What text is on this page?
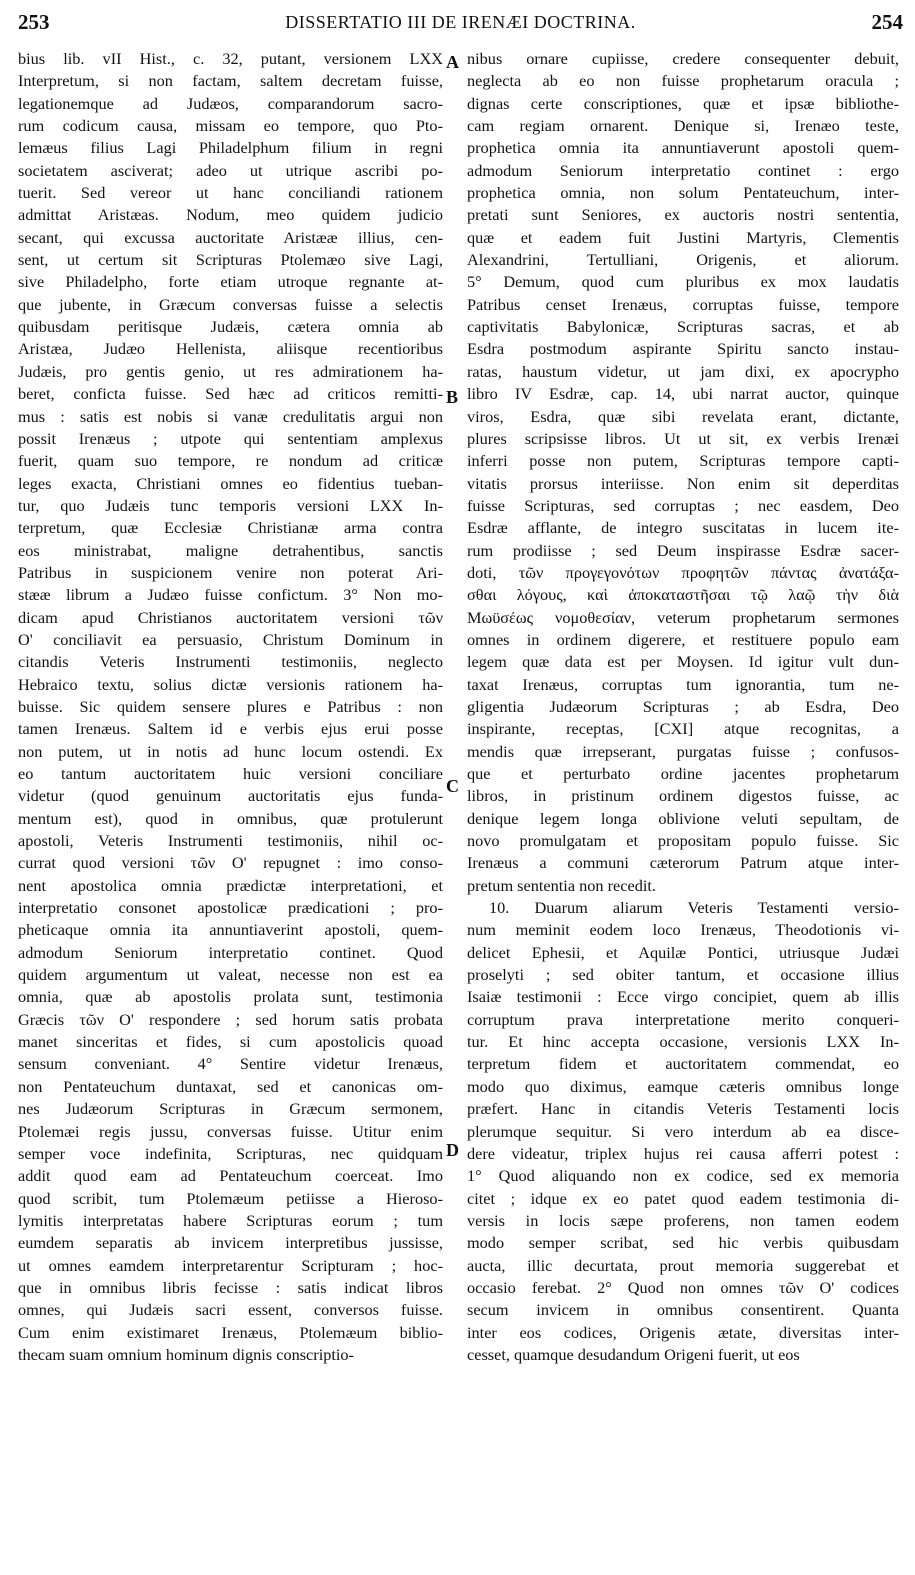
253	DISSERTATIO III DE IRENÆI DOCTRINA.	254
bius lib. vII Hist., c. 32, putant, versionem LXX
Interpretum, si non factam, saltem decretam fuisse,
legationemque ad Judæos, comparandorum sacro-
rum codicum causa, missam eo tempore, quo Pto-
lemæus filius Lagi Philadelphum filium in regni
societatem asciverat; adeo ut utrique ascribi po-
tuerit. Sed vereor ut hanc conciliandi rationem
admittat Aristæas. Nodum, meo quidem judicio
secant, qui excussa auctoritate Aristææ illius, cen-
sent, ut certum sit Scripturas Ptolemæo sive Lagi,
sive Philadelpho, forte etiam utroque regnante at-
que jubente, in Græcum conversas fuisse a selectis
quibusdam peritisque Judæis, cætera omnia ab
Aristæa, Judæo Hellenista, aliisque recentioribus
Judæis, pro gentis genio, ut res admirationem ha-
beret, conficta fuisse. Sed hæc ad criticos remitti-
mus : satis est nobis si vanæ credulitatis argui non
possit Irenæus ; utpote qui sententiam amplexus
fuerit, quam suo tempore, re nondum ad criticæ
leges exacta, Christiani omnes eo fidentius tueban-
tur, quo Judæis tunc temporis versioni LXX In-
terpretum, quæ Ecclesiæ Christianæ arma contra
eos ministrabat, maligne detrahentibus, sanctis
Patribus in suspicionem venire non poterat Ari-
stææ librum a Judæo fuisse confictum. 3° Non mo-
dicam apud Christianos auctoritatem versioni τῶν
O' conciliavit ea persuasio, Christum Dominum in
citandis Veteris Instrumenti testimoniis, neglecto
Hebraico textu, solius dictæ versionis rationem ha-
buisse. Sic quidem sensere plures e Patribus : non
tamen Irenæus. Saltem id e verbis ejus erui posse
non putem, ut in notis ad hunc locum ostendi. Ex
eo tantum auctoritatem huic versioni conciliare
videtur (quod genuinum auctoritatis ejus funda-
mentum est), quod in omnibus, quæ protulerunt
apostoli, Veteris Instrumenti testimoniis, nihil oc-
currat quod versioni τῶν O' repugnet : imo conso-
nent apostolica omnia prædictæ interpretationi, et
interpretatio consonet apostolicæ prædicationi ; pro-
pheticaque omnia ita annuntiaverint apostoli, quem-
admodum Seniorum interpretatio continet. Quod
quidem argumentum ut valeat, necesse non est ea
omnia, quæ ab apostolis prolata sunt, testimonia
Græcis τῶν O' respondere ; sed horum satis probata
manet sinceritas et fides, si cum apostolicis quoad
sensum conveniant. 4° Sentire videtur Irenæus,
non Pentateuchum duntaxat, sed et canonicas om-
nes Judæorum Scripturas in Græcum sermonem,
Ptolemæi regis jussu, conversas fuisse. Utitur enim
semper voce indefinita, Scripturas, nec quidquam
addit quod eam ad Pentateuchum coerceat. Imo
quod scribit, tum Ptolemæum petiisse a Hieroso-
lymitis interpretatas habere Scripturas eorum ; tum
eumdem separatis ab invicem interpretibus jussisse,
ut omnes eamdem interpretarentur Scripturam ; hoc-
que in omnibus libris fecisse : satis indicat libros
omnes, qui Judæis sacri essent, conversos fuisse.
Cum enim existimaret Irenæus, Ptolemæum biblio-
thecam suam omnium hominum dignis conscriptio-
nibus ornare cupiisse, credere consequenter debuit,
neglecta ab eo non fuisse prophetarum oracula ;
dignas certe conscriptiones, quæ et ipsæ bibliothe-
cam regiam ornarent. Denique si, Irenæo teste,
prophetica omnia ita annuntiaverunt apostoli quem-
admodum Seniorum interpretatio continet : ergo
prophetica omnia, non solum Pentateuchum, inter-
pretati sunt Seniores, ex auctoris nostri sententia,
quæ et eadem fuit Justini Martyris, Clementis
Alexandrini, Tertulliani, Origenis, et aliorum.
5° Demum, quod cum pluribus ex mox laudatis
Patribus censet Irenæus, corruptas fuisse, tempore
captivitatis Babylonicæ, Scripturas sacras, et ab
Esdra postmodum aspirante Spiritu sancto instau-
ratas, haustum videtur, ut jam dixi, ex apocrypho
libro IV Esdræ, cap. 14, ubi narrat auctor, quinque
viros, Esdra, quæ sibi revelata erant, dictante,
plures scripsisse libros. Ut ut sit, ex verbis Irenæi
inferri posse non putem, Scripturas tempore capti-
vitatis prorsus interiisse. Non enim sit deperditas
fuisse Scripturas, sed corruptas ; nec easdem, Deo
Esdræ afflante, de integro suscitatas in lucem ite-
rum prodiisse ; sed Deum inspirasse Esdræ sacer-
doti, τῶν προγεγονότων προφητῶν πάντας ἀνατάξα-
σθαι λόγους, καὶ ἀποκαταστῆσαι τῷ λαῷ τὴν διὰ
Μωϋσέως νομοθεσίαν, veterum prophetarum sermones
omnes in ordinem digerere, et restituere populo eam
legem quæ data est per Moysen. Id igitur vult dun-
taxat Irenæus, corruptas tum ignorantia, tum ne-
gligentia Judæorum Scripturas ; ab Esdra, Deo
inspirante, receptas, [CXI] atque recognitas, a
mendis quæ irrepserant, purgatas fuisse ; confusos-
que et perturbato ordine jacentes prophetarum
libros, in pristinum ordinem digestos fuisse, ac
denique legem longa oblivione veluti sepultam, de
novo promulgatam et propositam populo fuisse. Sic
Irenæus a communi cæterorum Patrum atque inter-
pretum sententia non recedit.
10. Duarum aliarum Veteris Testamenti versio-
num meminit eodem loco Irenæus, Theodotionis vi-
delicet Ephesii, et Aquilæ Pontici, utriusque Judæi
proselyti ; sed obiter tantum, et occasione illius
Isaiæ testimonii : Ecce virgo concipiet, quem ab illis
corruptum prava interpretatione merito conqueri-
tur. Et hinc accepta occasione, versionis LXX In-
terpretum fidem et auctoritatem commendat, eo
modo quo diximus, eamque cæteris omnibus longe
præfert. Hanc in citandis Veteris Testamenti locis
plerumque sequitur. Si vero interdum ab ea disce-
dere videatur, triplex hujus rei causa afferri potest :
1° Quod aliquando non ex codice, sed ex memoria
citet ; idque ex eo patet quod eadem testimonia di-
versis in locis sæpe proferens, non tamen eodem
modo semper scribat, sed hic verbis quibusdam
aucta, illic decurtata, prout memoria suggerebat et
occasio ferebat. 2° Quod non omnes τῶν O' codices
secum invicem in omnibus consentirent. Quanta
inter eos codices, Origenis ætate, diversitas inter-
cesset, quamque desudandum Origeni fuerit, ut eos
A
B
C
D
